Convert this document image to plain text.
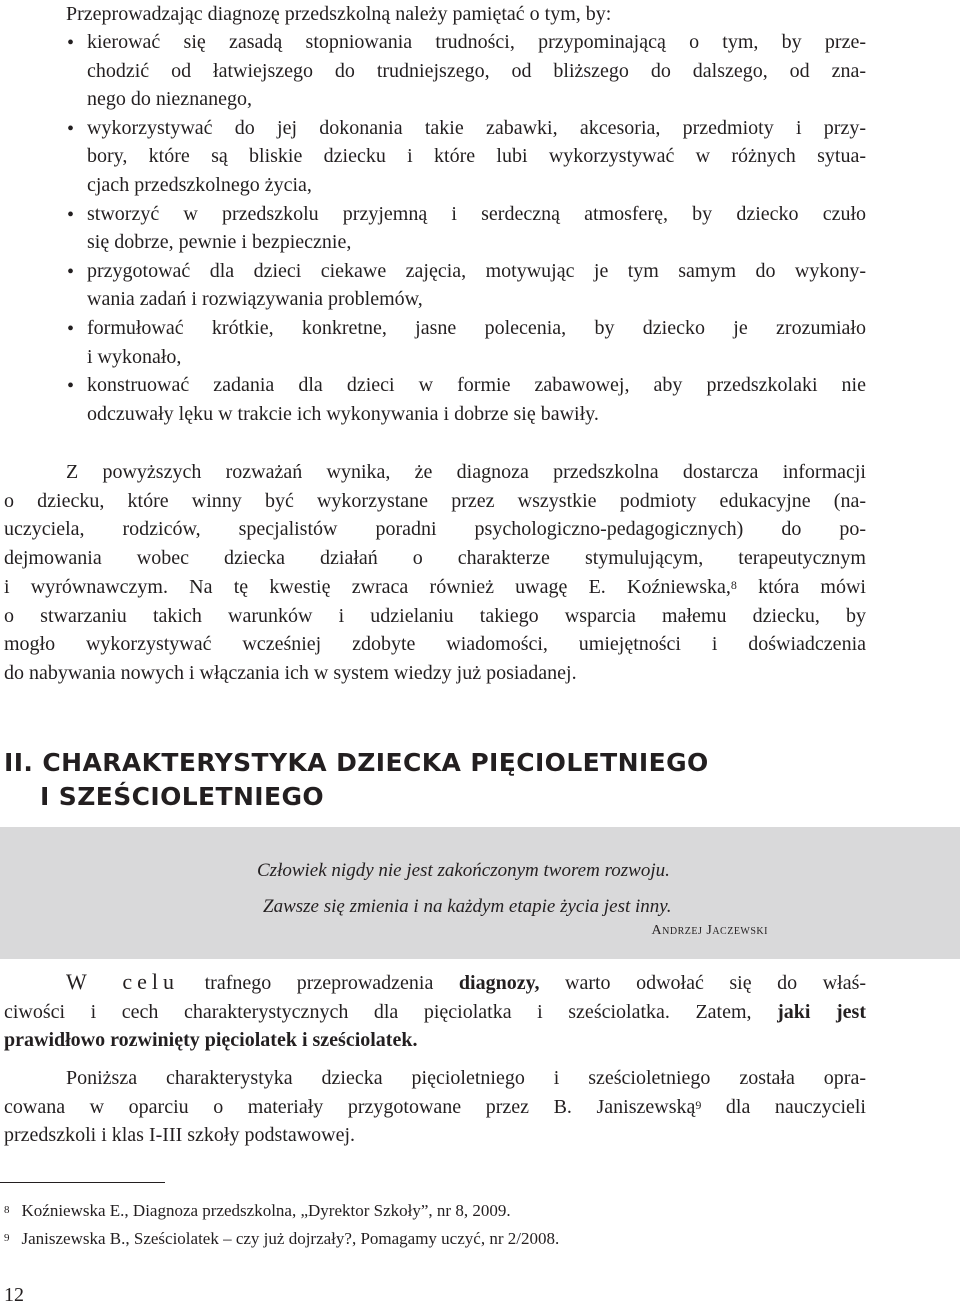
Przeprowadzając diagnozę przedszkolną należy pamiętać o tym, by:
• kierować się zasadą stopniowania trudności, przypominającą o tym, by prze-
chodzić od łatwiejszego do trudniejszego, od bliższego do dalszego, od zna-
nego do nieznanego,
• wykorzystywać do jej dokonania takie zabawki, akcesoria, przedmioty i przy-
bory, które są bliskie dziecku i które lubi wykorzystywać w różnych sytua-
cjach przedszkolnego życia,
• stworzyć w przedszkolu przyjemną i serdeczną atmosferę, by dziecko czuło
się dobrze, pewnie i bezpiecznie,
• przygotować dla dzieci ciekawe zajęcia, motywując je tym samym do wykony-
wania zadań i rozwiązywania problemów,
• formułować krótkie, konkretne, jasne polecenia, by dziecko je zrozumiało
i wykonało,
• konstruować zadania dla dzieci w formie zabawowej, aby przedszkolaki nie
odczuwały lęku w trakcie ich wykonywania i dobrze się bawiły.
Z powyższych rozważań wynika, że diagnoza przedszkolna dostarcza informacji
o dziecku, które winny być wykorzystane przez wszystkie podmioty edukacyjne (na-
uczyciela, rodziców, specjalistów poradni psychologiczno-pedagogicznych) do po-
dejmowania wobec dziecka działań o charakterze stymulującym, terapeutycznym
i wyrównawczym. Na tę kwestię zwraca również uwagę E. Koźniewska,$^8$ która mówi
o stwarzaniu takich warunków i udzielaniu takiego wsparcia małemu dziecku, by
mogło wykorzystywać wcześniej zdobyte wiadomości, umiejętności i doświadczenia
do nabywania nowych i włączania ich w system wiedzy już posiadanej.
II. CHARAKTERYSTYKA DZIECKA PIĘCIOLETNIEGO
I SZEŚCIOLETNIEGO
Człowiek nigdy nie jest zakończonym tworem rozwoju.
Zawsze się zmienia i na każdym etapie życia jest inny.
Andrzej Jaczewski
W celu trafnego przeprowadzenia diagnozy, warto odwołać się do właś-
ciwości i cech charakterystycznych dla pięciolatka i sześciolatka. Zatem, jaki jest
prawidłowo rozwinięty pięciolatek i sześciolatek.
Poniższa charakterystyka dziecka pięcioletniego i sześcioletniego została opra-
cowana w oparciu o materiały przygotowane przez B. Janiszewską$^9$ dla nauczycieli
przedszkoli i klas I-III szkoły podstawowej.
$^8$ Koźniewska E., Diagnoza przedszkolna, „Dyrektor Szkoły”, nr 8, 2009.
$^9$ Janiszewska B., Sześciolatek – czy już dojrzały?, Pomagamy uczyć, nr 2/2008.
12
